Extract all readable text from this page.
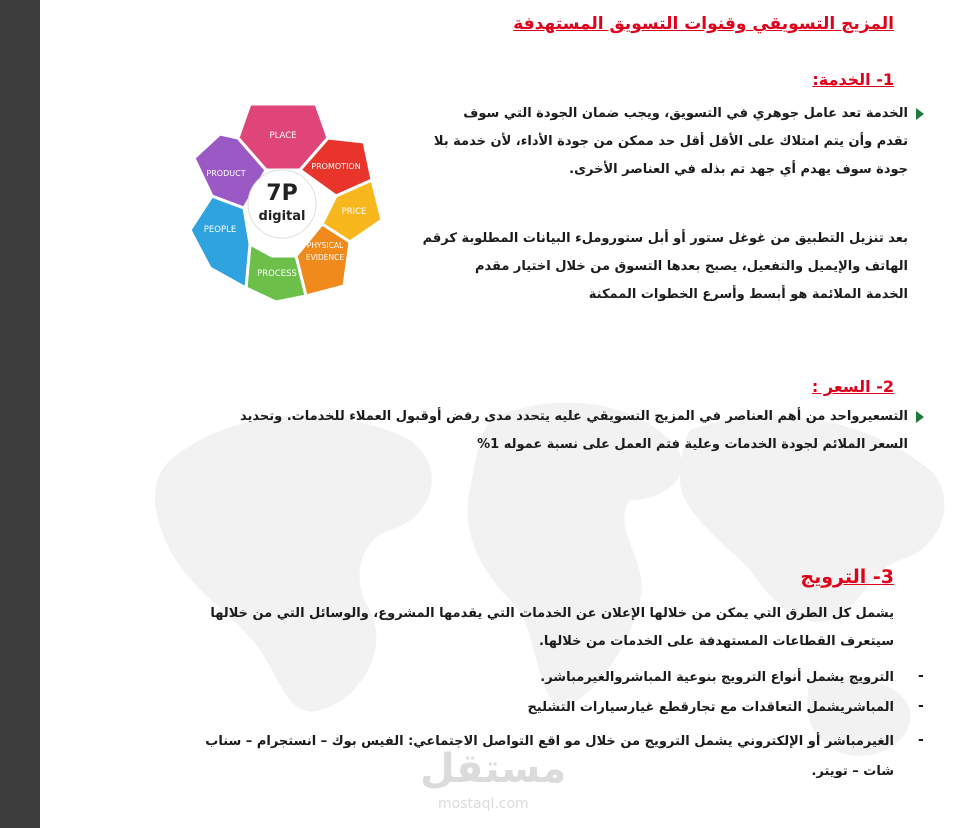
المزيج التسويقي وقنوات التسويق المستهدفة
1- الخدمة:
الخدمة تعد عامل جوهري في التسويق، ويجب ضمان الجودة التي سوف
تقدم وأن يتم امتلاك على الأقل أقل حد ممكن من جودة الأداء، لأن خدمة بلا
جودة سوف يهدم أي جهد تم بذله في العناصر الأخرى.
بعد تنزيل التطبيق من غوغل ستور أو أبل ستوروملء البيانات المطلوبة كرقم
الهاتف والإيميل والتفعيل، يصبح بعدها التسوق من خلال اختيار مقدم
الخدمة الملائمة هو أبسط وأسرع الخطوات الممكنة
PLACE
PROMOTION
PRICE
PHYSICAL
EVIDENCE
PROCESS
PEOPLE
PRODUCT
7P
digital
2- السعر :
التسعيرواحد من أهم العناصر في المزيج التسويقي عليه يتحدد مدى رفض أوقبول العملاء للخدمات. وتحديد
السعر الملائم لجودة الخدمات وعلية فتم العمل على نسبة عموله 1%
3- الترويج
يشمل كل الطرق التي يمكن من خلالها الإعلان عن الخدمات التي يقدمها المشروع، والوسائل التي من خلالها
سيتعرف القطاعات المستهدفة على الخدمات من خلالها.
-
الترويج يشمل أنواع الترويج بنوعية المباشروالغيرمباشر.
-
المباشريشمل التعاقدات مع تجارقطع غيارسيارات التشليح
-
الغيرمباشر أو الإلكتروني يشمل الترويج من خلال مو اقع التواصل الاجتماعي: الفيس بوك – انستجرام – سناب
شات – تويتر.
مستقل
mostaql.com
